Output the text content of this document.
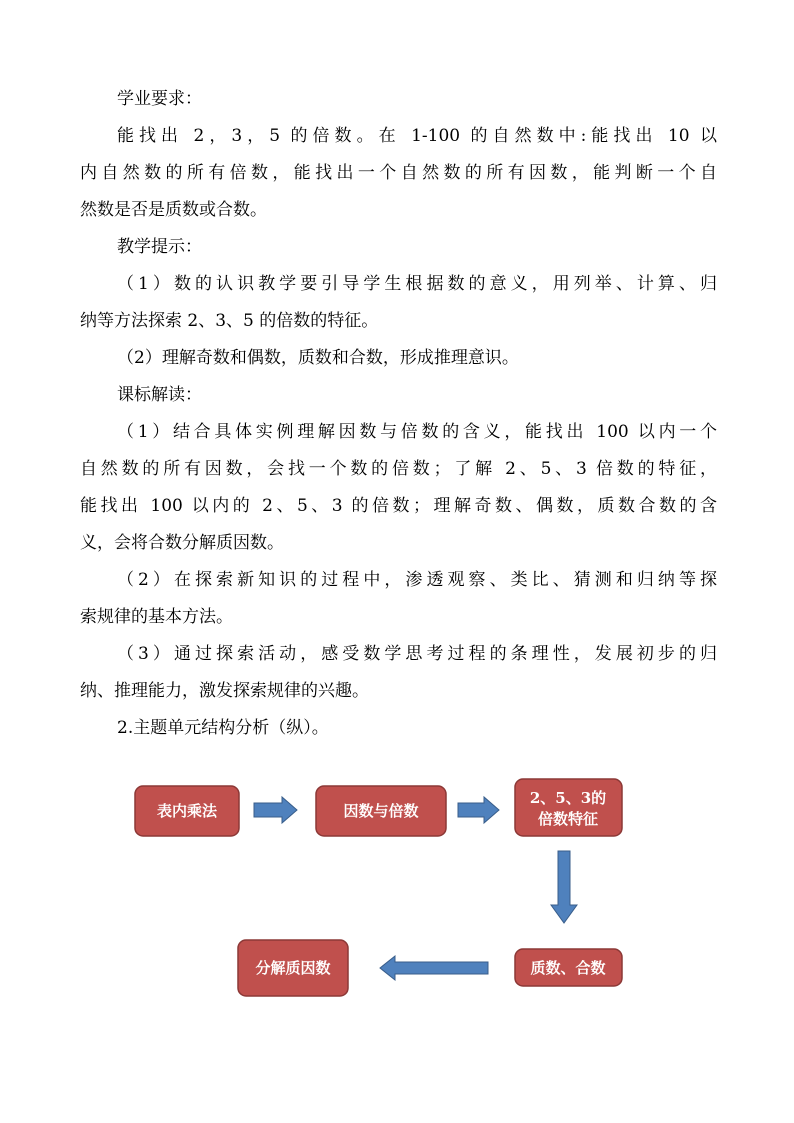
学业要求：
能找出 2，3，5 的倍数。在 1-100 的自然数中:能找出 10 以
内自然数的所有倍数，能找出一个自然数的所有因数，能判断一个自
然数是否是质数或合数。
教学提示：
（1）数的认识教学要引导学生根据数的意义，用列举、计算、归
纳等方法探索 2、3、5 的倍数的特征。
（2）理解奇数和偶数，质数和合数，形成推理意识。
课标解读：
（1）结合具体实例理解因数与倍数的含义，能找出 100 以内一个
自然数的所有因数，会找一个数的倍数；了解 2、5、3 倍数的特征，
能找出 100 以内的 2、5、3 的倍数；理解奇数、偶数，质数合数的含
义，会将合数分解质因数。
（2）在探索新知识的过程中，渗透观察、类比、猜测和归纳等探
索规律的基本方法。
（3）通过探索活动，感受数学思考过程的条理性，发展初步的归
纳、推理能力，激发探索规律的兴趣。
2.主题单元结构分析（纵）。
表内乘法	因数与倍数
2、5、3的
倍数特征
质数、合数
分解质因数
